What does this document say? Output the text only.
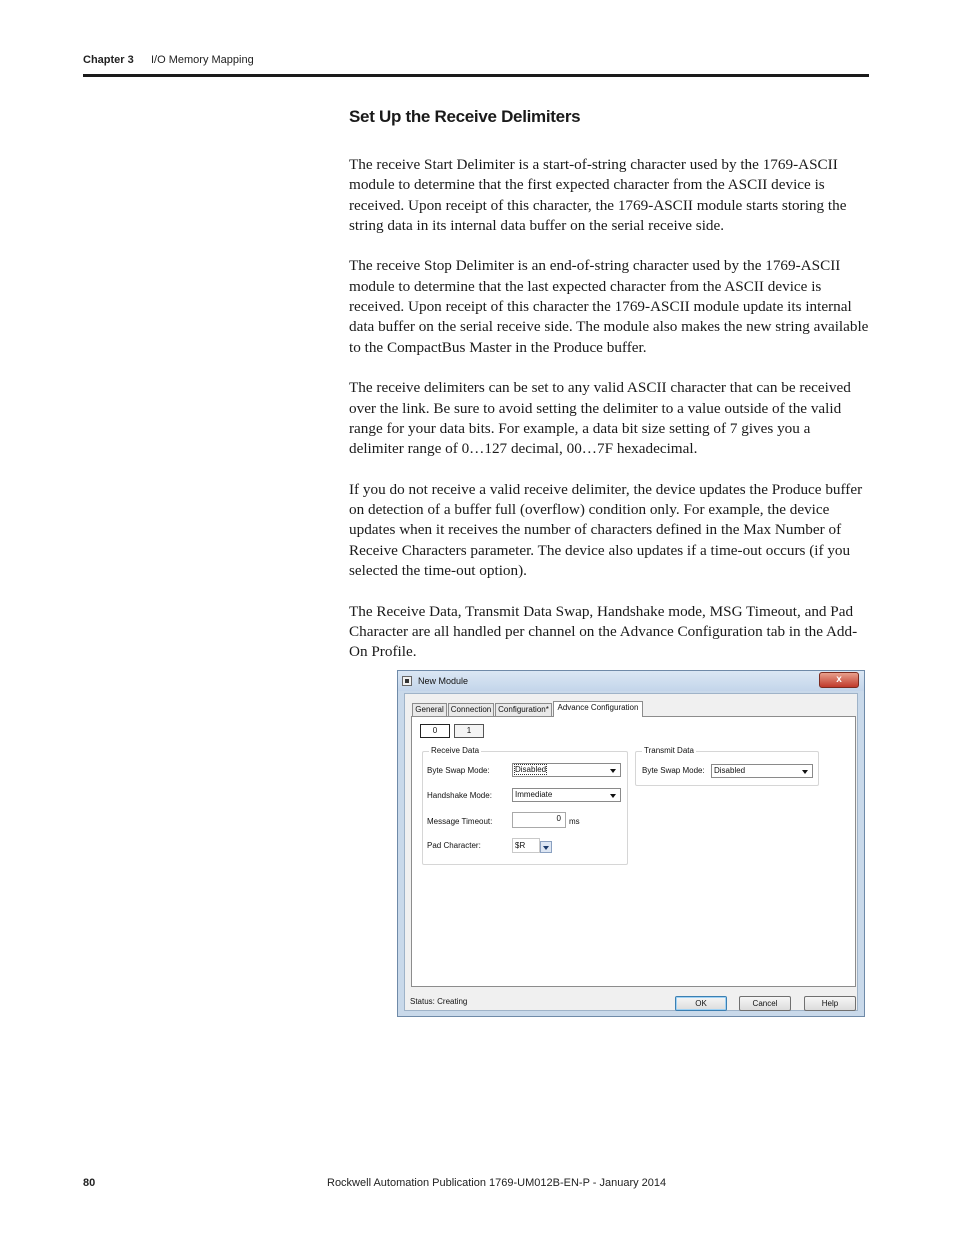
Chapter 3 I/O Memory Mapping
Set Up the Receive Delimiters

The receive Start Delimiter is a start-of-string character used by the 1769-ASCII module to determine that the first expected character from the ASCII device is received. Upon receipt of this character, the 1769-ASCII module starts storing the string data in its internal data buffer on the serial receive side.

The receive Stop Delimiter is an end-of-string character used by the 1769-ASCII module to determine that the last expected character from the ASCII device is received. Upon receipt of this character the 1769-ASCII module update its internal data buffer on the serial receive side. The module also makes the new string available to the CompactBus Master in the Produce buffer.

The receive delimiters can be set to any valid ASCII character that can be received over the link. Be sure to avoid setting the delimiter to a value outside of the valid range for your data bits. For example, a data bit size setting of 7 gives you a delimiter range of 0…127 decimal, 00…7F hexadecimal.

If you do not receive a valid receive delimiter, the device updates the Produce buffer on detection of a buffer full (overflow) condition only. For example, the device updates when it receives the number of characters defined in the Max Number of Receive Characters parameter. The device also updates if a time-out occurs (if you selected the time-out option).

The Receive Data, Transmit Data Swap, Handshake mode, MSG Timeout, and Pad Character are all handled per channel on the Advance Configuration tab in the Add-On Profile.

New Module	x
General Connection Configuration*	Advance Configuration
0	1
Receive Data
Byte Swap Mode:	Disabled
Handshake Mode:	Immediate
Message Timeout:	0	ms
Pad Character:	$R
Transmit Data
Byte Swap Mode:	Disabled
Status: Creating	OK	Cancel	Help
80	Rockwell Automation Publication 1769-UM012B-EN-P - January 2014
